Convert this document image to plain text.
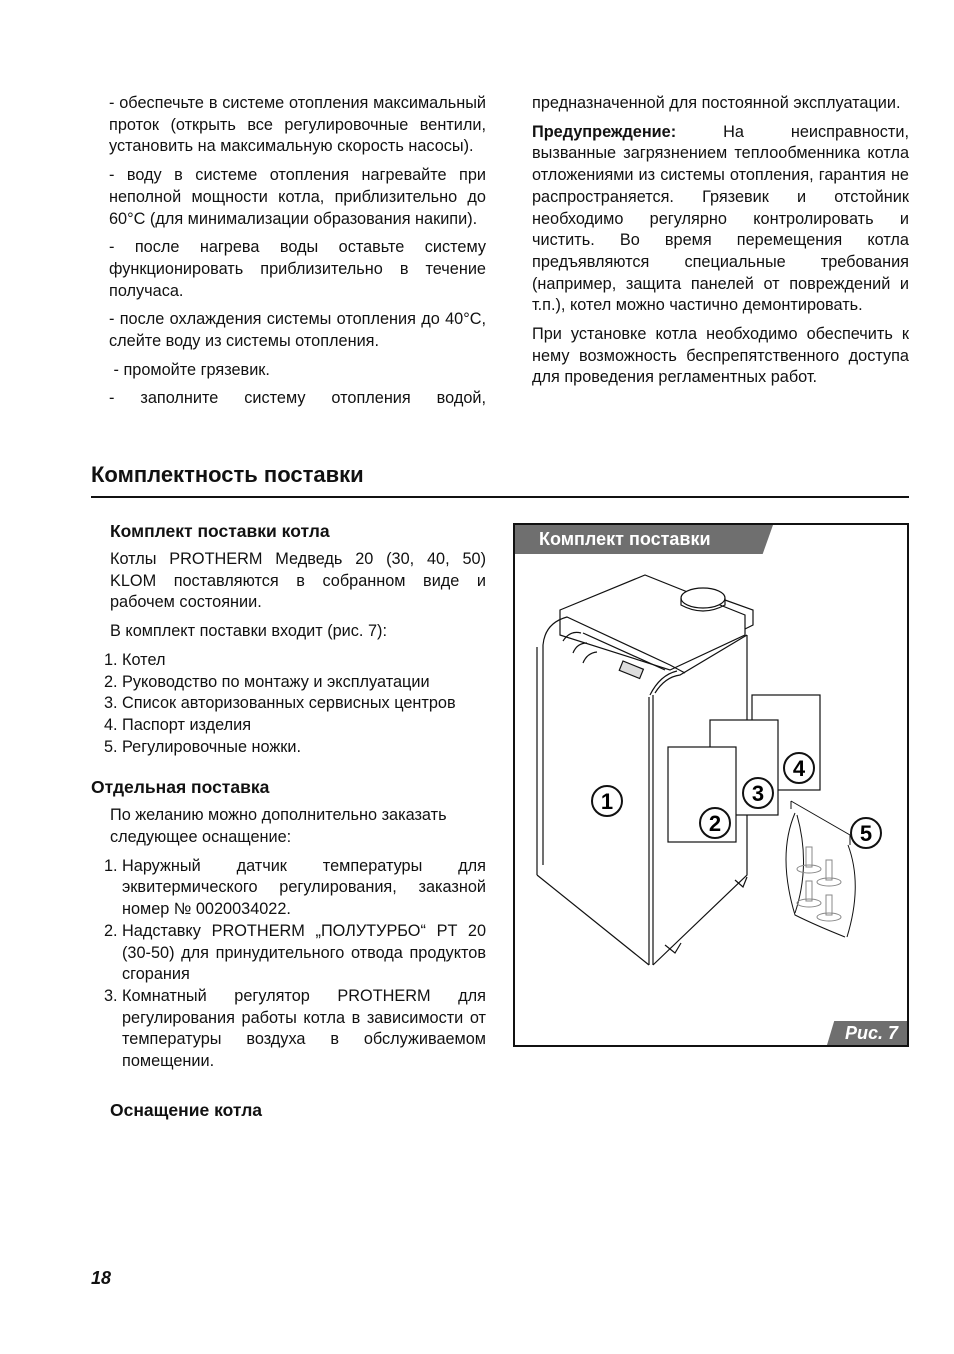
- обеспечьте в системе отопления максимальный проток (открыть все регулировочные вентили, установить на максимальную скорость насосы).

- воду в системе отопления нагревайте при неполной мощности котла, приблизительно до 60°C (для минимализации образования накипи).

- после нагрева воды оставьте систему функционировать приблизительно в течение получаса.

- после охлаждения системы отопления до 40°C, слейте воду из системы отопления.

- промойте грязевик.

- заполните систему отопления водой,

предназначенной для постоянной эксплуатации.

Предупреждение: На неисправности, вызванные загрязнением теплообменника котла отложениями из системы отопления, гарантия не распространяется. Грязевик и отстойник необходимо регулярно контролировать и чистить. Во время перемещения котла предъявляются специальные требования (например, защита панелей от повреждений и т.п.), котел можно частично демонтировать.

При установке котла необходимо обеспечить к нему возможность беспрепятственного доступа для проведения регламентных работ.

Комплектность поставки
Комплект поставки котла

Котлы PROTHERM Медведь 20 (30, 40, 50) KLOM поставляются в собранном виде и рабочем состоянии.

В комплект поставки входит (рис. 7):

1. Котел
2. Руководство по монтажу и эксплуатации
3. Список авторизованных сервисных центров
4. Паспорт изделия
5. Регулировочные ножки.
Отдельная поставка

По желанию можно дополнительно заказать следующее оснащение:

1. Наружный датчик температуры для эквитермического регулирования, заказной номер № 0020034022.
2. Надставку PROTHERM „ПОЛУТУРБО“ PT 20 (30-50) для принудительного отвода продуктов сгорания
3. Комнатный регулятор PROTHERM для регулирования работы котла в зависимости от температуры воздуха в обслуживаемом помещении.
Оснащение котла
1
2
3
4
5
Комплект поставки
Рис. 7
18
